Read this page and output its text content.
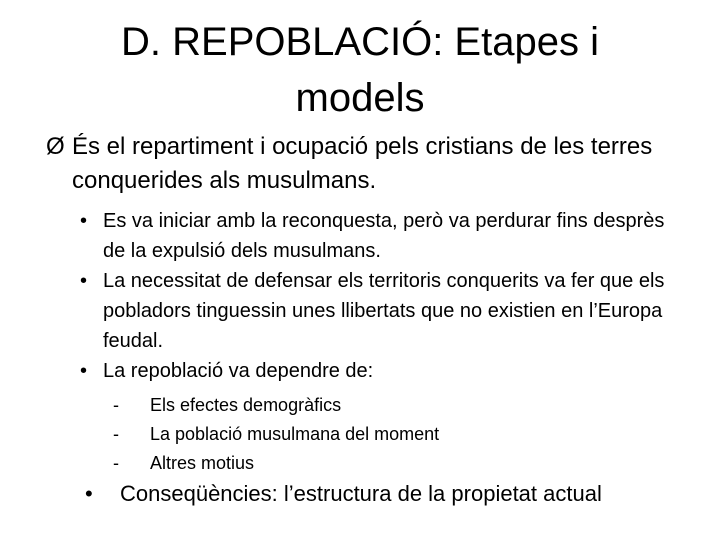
D. REPOBLACIÓ: Etapes i
models
Ø És el repartiment i ocupació pels cristians de les terres conquerides als musulmans.
• Es va iniciar amb la reconquesta, però va perdurar fins desprès de la expulsió dels musulmans.
• La necessitat de defensar els territoris conquerits va fer que els pobladors tinguessin unes llibertats que no existien en l’Europa feudal.
• La repoblació va dependre de:
- Els efectes demogràfics
- La població musulmana del moment
- Altres motius
• Conseqüències: l’estructura de la propietat actual
